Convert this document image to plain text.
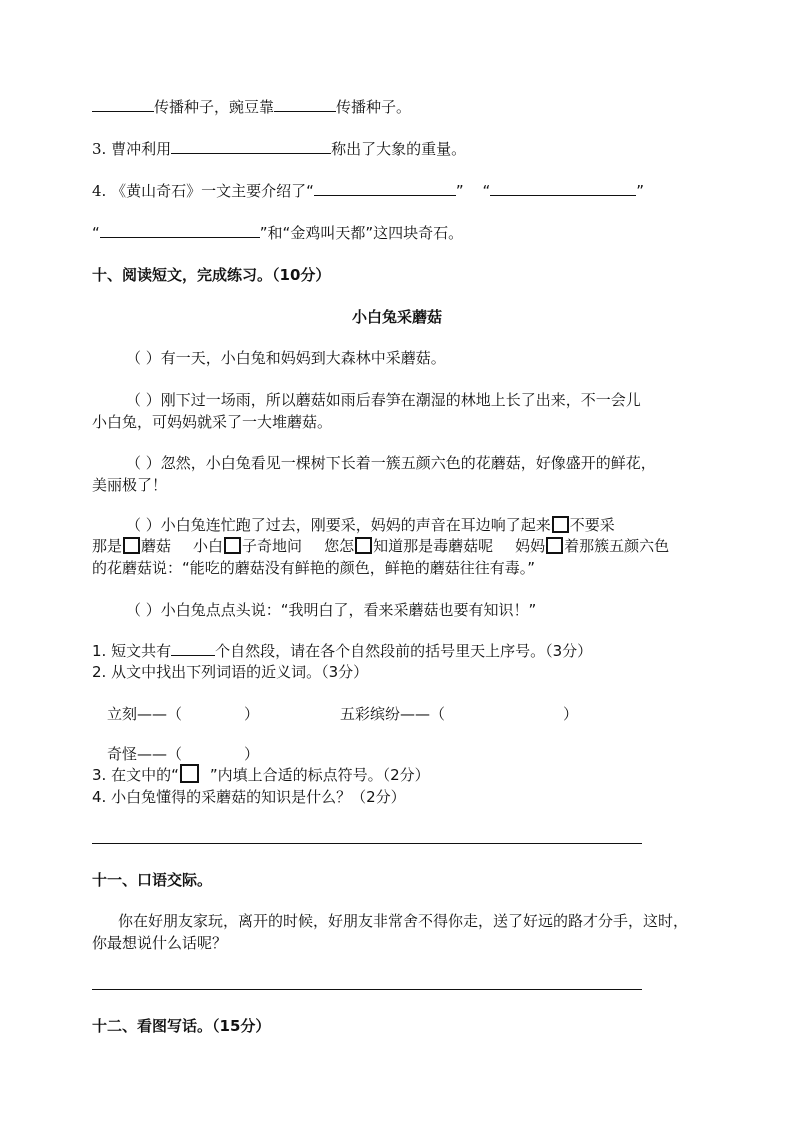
传播种子，豌豆靠	传播种子。
3. 曹冲利用	称出了大象的重量。
4. 《黄山奇石》一文主要介绍了“	” “	”
“	”和“金鸡叫天都”这四块奇石。
十、阅读短文，完成练习。（10分）
小白兔采蘑菇
（ ）有一天，小白兔和妈妈到大森林中采蘑菇。
（ ）刚下过一场雨，所以蘑菇如雨后春笋在潮湿的林地上长了出来，不一会儿
小白兔，可妈妈就采了一大堆蘑菇。
（ ）忽然，小白兔看见一棵树下长着一簇五颜六色的花蘑菇，好像盛开的鲜花，
美丽极了！
（ ）小白兔连忙跑了过去，刚要采，妈妈的声音在耳边响了起来 不要采
那是 蘑菇 小白 子奇地问 您怎 知道那是毒蘑菇呢 妈妈 着那簇五颜六色
的花蘑菇说：“能吃的蘑菇没有鲜艳的颜色，鲜艳的蘑菇往往有毒。”
（ ）小白兔点点头说：“我明白了，看来采蘑菇也要有知识！”
1. 短文共有	个自然段，请在各个自然段前的括号里天上序号。（3分）
2. 从文中找出下列词语的近义词。（3分）
立刻——（	）	五彩缤纷——（	）
奇怪——（	）
3. 在文中的“ ”内填上合适的标点符号。（2分）
4. 小白兔懂得的采蘑菇的知识是什么？（2分）
十一、口语交际。
你在好朋友家玩，离开的时候，好朋友非常舍不得你走，送了好远的路才分手，这时，
你最想说什么话呢？
十二、看图写话。（15分）
